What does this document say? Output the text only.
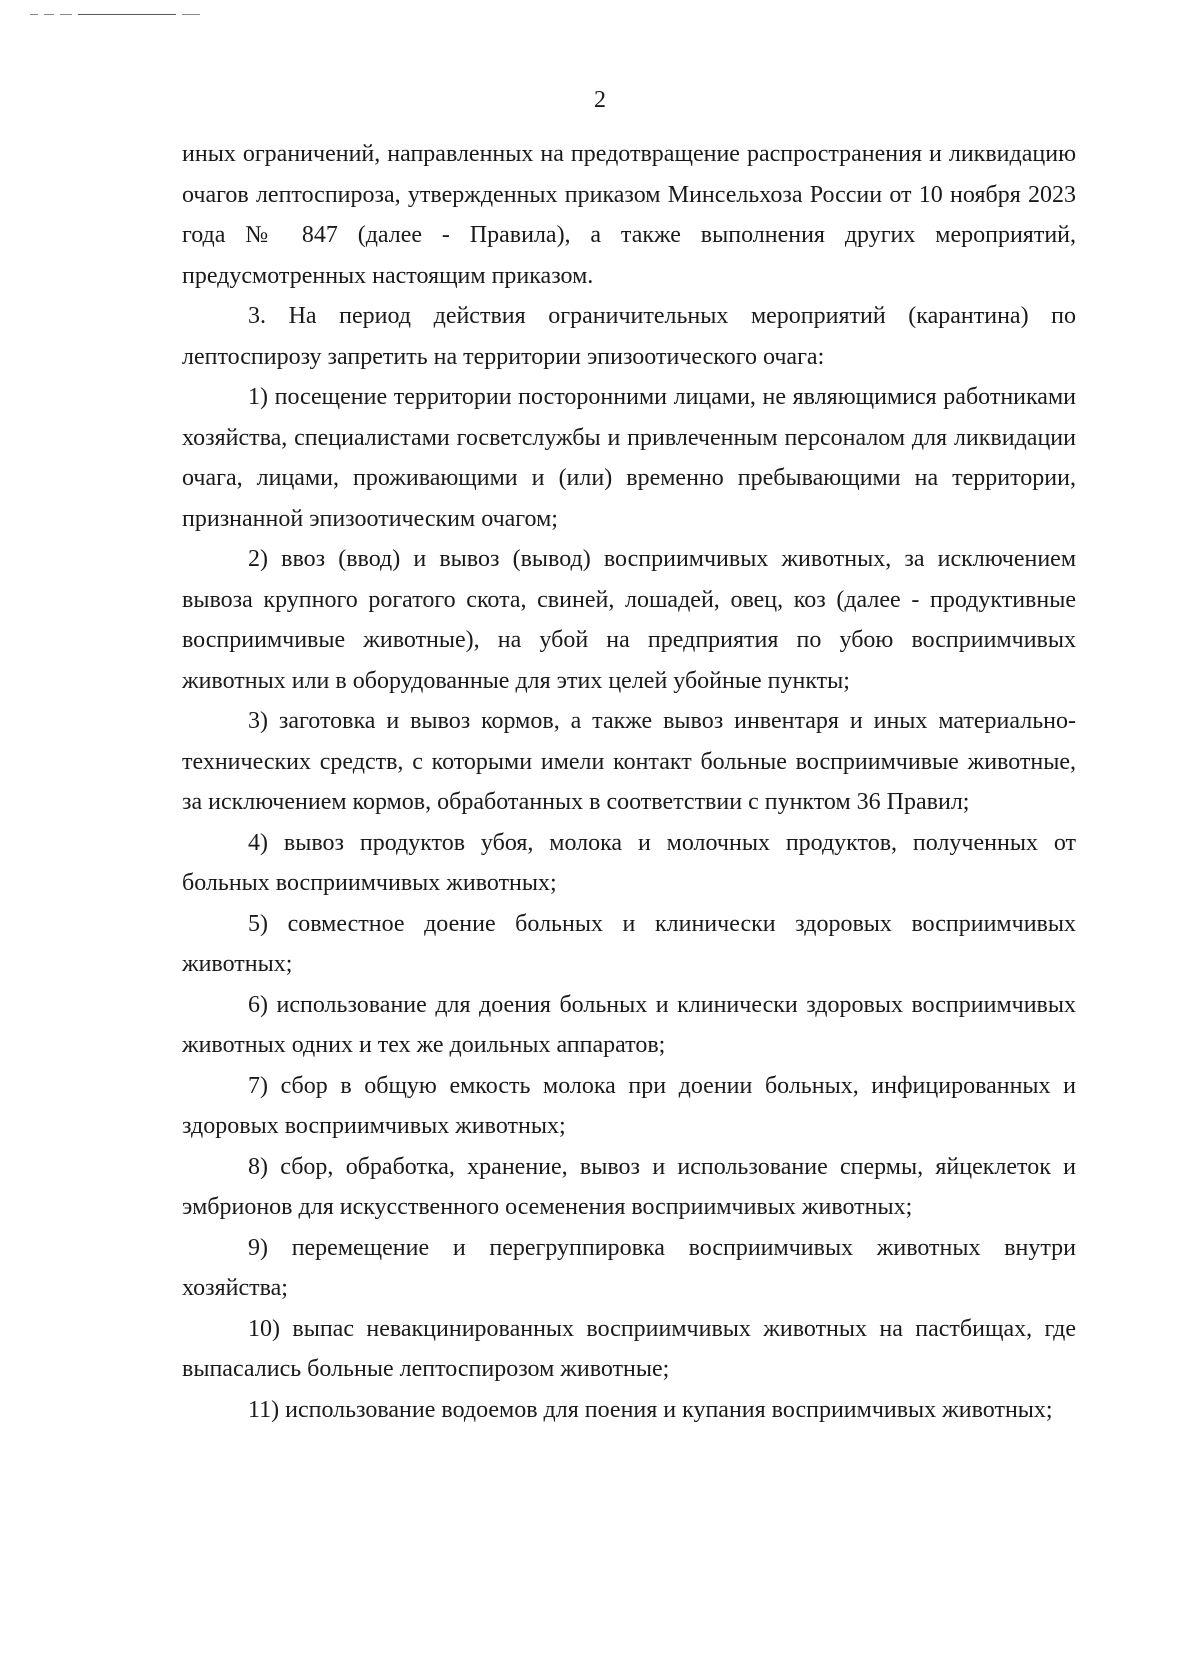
2

иных ограничений, направленных на предотвращение распространения и ликвидацию очагов лептоспироза, утвержденных приказом Минсельхоза России от 10 ноября 2023 года № 847 (далее - Правила), а также выполнения других мероприятий, предусмотренных настоящим приказом.

3. На период действия ограничительных мероприятий (карантина) по лептоспирозу запретить на территории эпизоотического очага:

1) посещение территории посторонними лицами, не являющимися работниками хозяйства, специалистами госветслужбы и привлеченным персоналом для ликвидации очага, лицами, проживающими и (или) временно пребывающими на территории, признанной эпизоотическим очагом;

2) ввоз (ввод) и вывоз (вывод) восприимчивых животных, за исключением вывоза крупного рогатого скота, свиней, лошадей, овец, коз (далее - продуктивные восприимчивые животные), на убой на предприятия по убою восприимчивых животных или в оборудованные для этих целей убойные пункты;

3) заготовка и вывоз кормов, а также вывоз инвентаря и иных материально-технических средств, с которыми имели контакт больные восприимчивые животные, за исключением кормов, обработанных в соответствии с пунктом 36 Правил;

4) вывоз продуктов убоя, молока и молочных продуктов, полученных от больных восприимчивых животных;

5) совместное доение больных и клинически здоровых восприимчивых животных;

6) использование для доения больных и клинически здоровых восприимчивых животных одних и тех же доильных аппаратов;

7) сбор в общую емкость молока при доении больных, инфицированных и здоровых восприимчивых животных;

8) сбор, обработка, хранение, вывоз и использование спермы, яйцеклеток и эмбрионов для искусственного осеменения восприимчивых животных;

9) перемещение и перегруппировка восприимчивых животных внутри хозяйства;

10) выпас невакцинированных восприимчивых животных на пастбищах, где выпасались больные лептоспирозом животные;

11) использование водоемов для поения и купания восприимчивых животных;
